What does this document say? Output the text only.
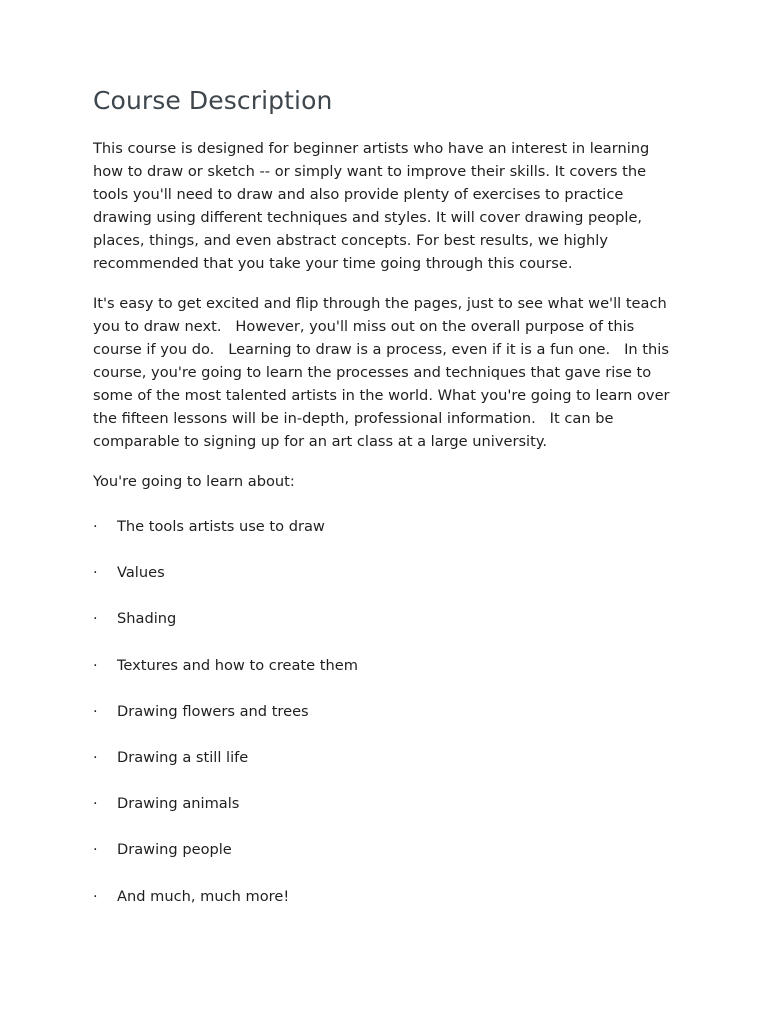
Course Description

This course is designed for beginner artists who have an interest in learning how to draw or sketch -- or simply want to improve their skills. It covers the tools you'll need to draw and also provide plenty of exercises to practice drawing using different techniques and styles. It will cover drawing people, places, things, and even abstract concepts. For best results, we highly recommended that you take your time going through this course.

It's easy to get excited and flip through the pages, just to see what we'll teach you to draw next.   However, you'll miss out on the overall purpose of this course if you do.   Learning to draw is a process, even if it is a fun one.   In this course, you're going to learn the processes and techniques that gave rise to some of the most talented artists in the world. What you're going to learn over the fifteen lessons will be in-depth, professional information.   It can be comparable to signing up for an art class at a large university.

You're going to learn about:

·	The tools artists use to draw
·	Values
·	Shading
·	Textures and how to create them
·	Drawing flowers and trees
·	Drawing a still life
·	Drawing animals
·	Drawing people
·	And much, much more!
